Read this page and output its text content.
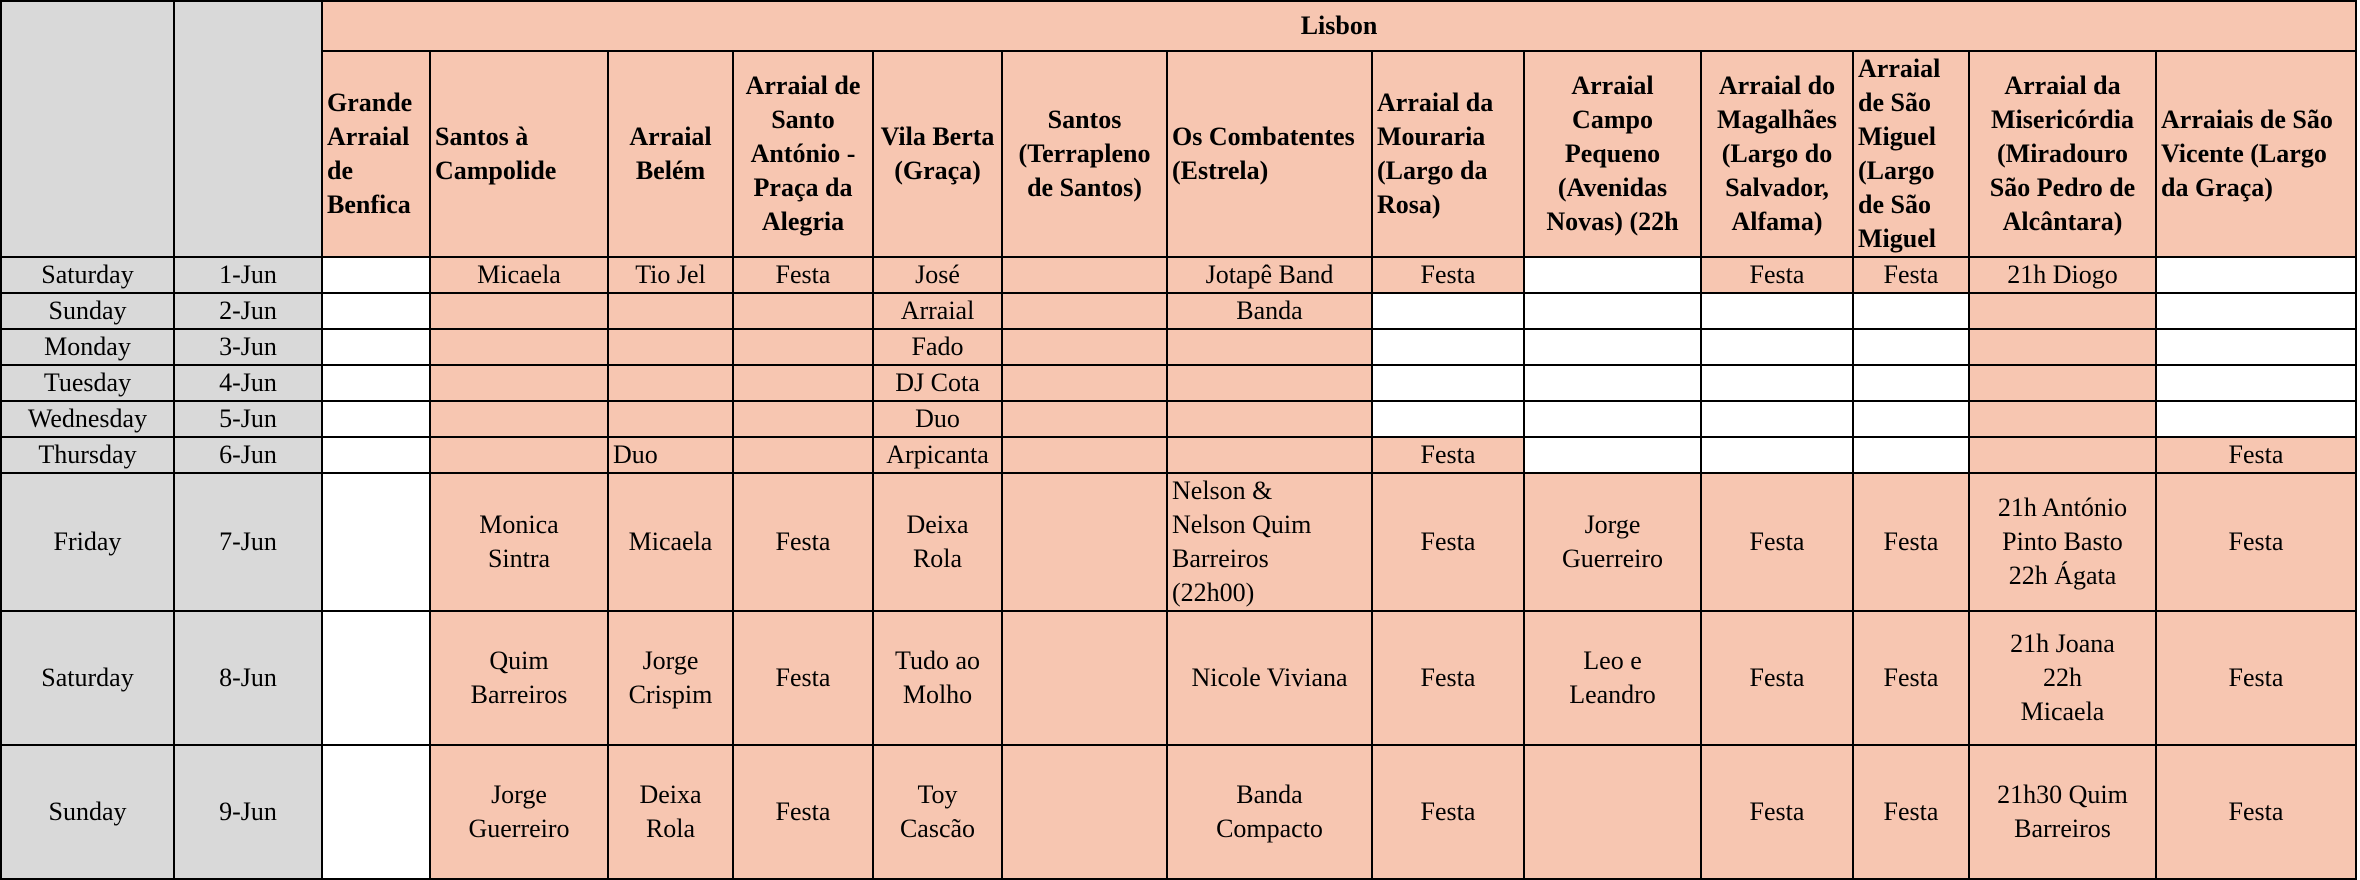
		Lisbon												
		Grande Arraial de Benfica	Santos à Campolide	Arraial Belém	Arraial de Santo António - Praça da Alegria	Vila Berta (Graça)	Santos (Terrapleno de Santos)	Os Combatentes (Estrela)	Arraial da Mouraria (Largo da Rosa)	Arraial Campo Pequeno (Avenidas Novas) (22h	Arraial do Magalhães (Largo do Salvador, Alfama)	Arraial de São Miguel (Largo de São Miguel	Arraial da Misericórdia (Miradouro São Pedro de Alcântara)	Arraiais de São Vicente (Largo da Graça)
Saturday	1-Jun		Micaela	Tio Jel	Festa	José		Jotapê Band	Festa		Festa	Festa	21h Diogo	
Sunday	2-Jun					Arraial		Banda						
Monday	3-Jun					Fado								
Tuesday	4-Jun					DJ Cota								
Wednesday	5-Jun					Duo								
Thursday	6-Jun			Duo		Arpicanta			Festa					Festa
Friday	7-Jun		Monica
Sintra	Micaela	Festa	Deixa
Rola		Nelson &
Nelson Quim
Barreiros
(22h00)	Festa	Jorge
Guerreiro	Festa	Festa	21h António
Pinto Basto
22h Ágata	Festa
Saturday	8-Jun		Quim
Barreiros	Jorge
Crispim	Festa	Tudo ao
Molho		Nicole Viviana	Festa	Leo e
Leandro	Festa	Festa	21h Joana
22h
Micaela	Festa
Sunday	9-Jun		Jorge
Guerreiro	Deixa
Rola	Festa	Toy
Cascão		Banda
Compacto	Festa		Festa	Festa	21h30 Quim
Barreiros	Festa
